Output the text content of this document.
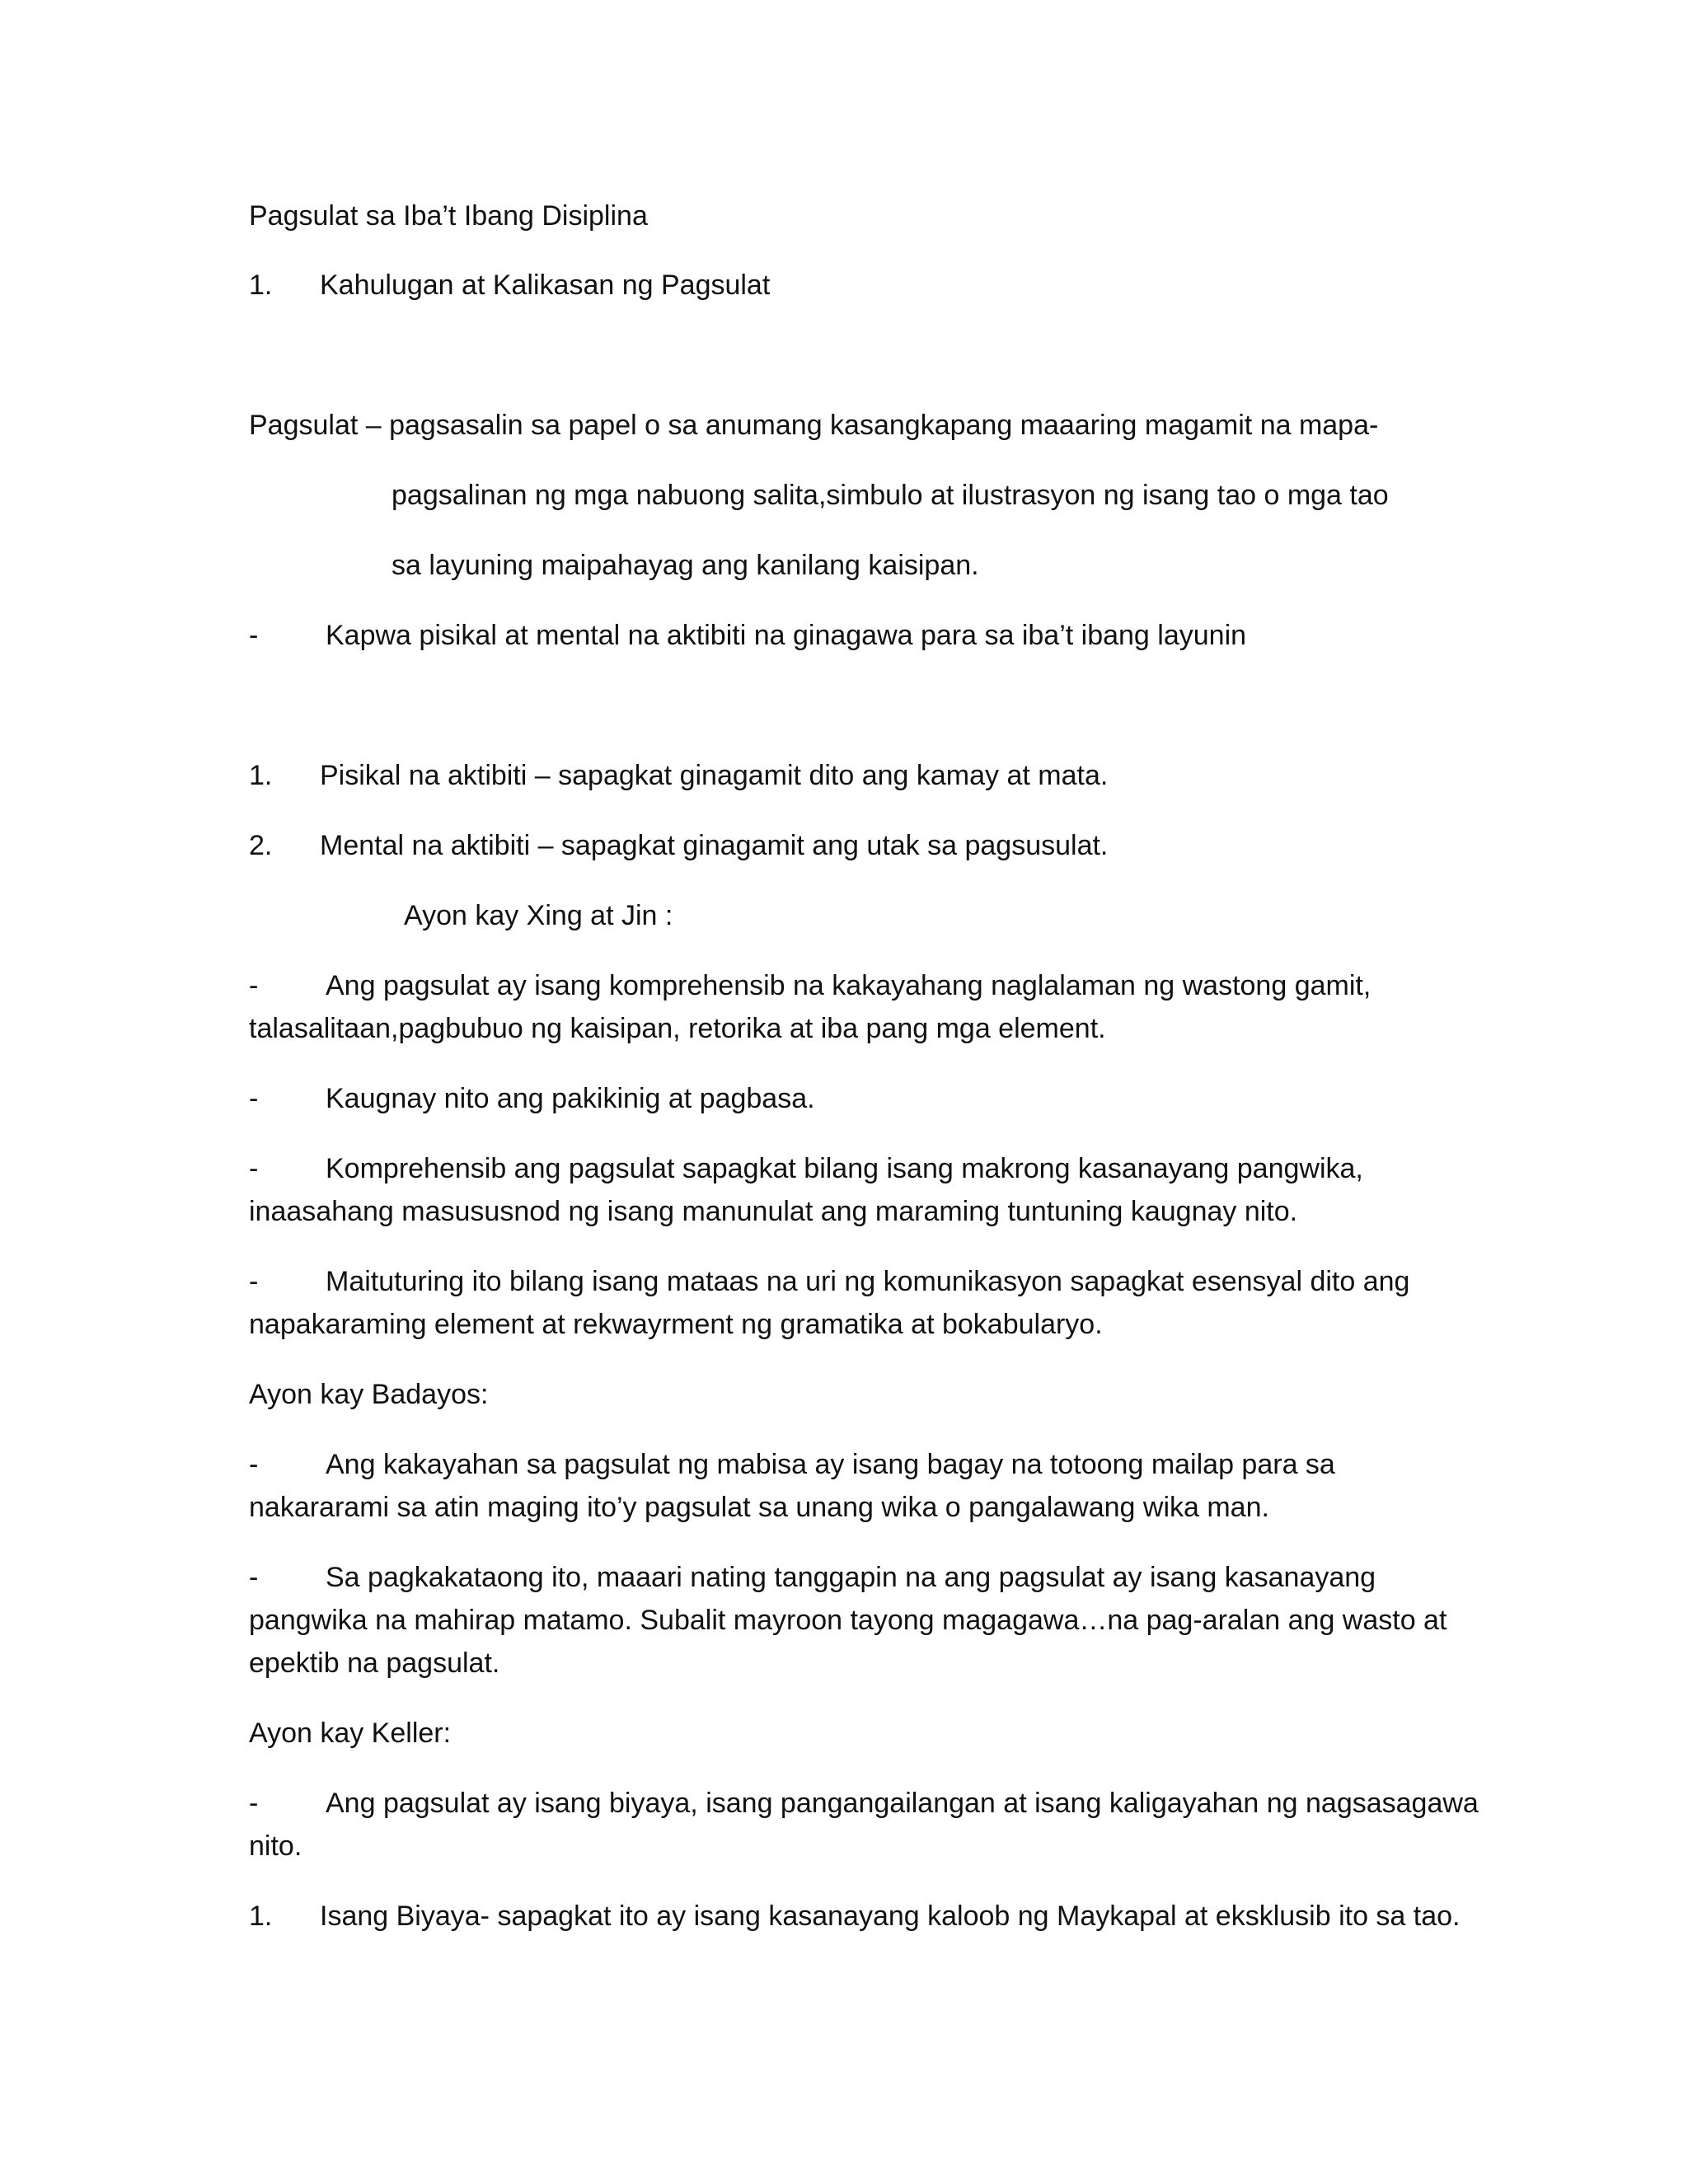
Pagsulat sa Iba’t Ibang Disiplina
1. Kahulugan at Kalikasan ng Pagsulat
Pagsulat – pagsasalin sa papel o sa anumang kasangkapang maaaring magamit na mapa-
pagsalinan ng mga nabuong salita,simbulo at ilustrasyon ng isang tao o mga tao
sa layuning maipahayag ang kanilang kaisipan.
- Kapwa pisikal at mental na aktibiti na ginagawa para sa iba’t ibang layunin
1. Pisikal na aktibiti – sapagkat ginagamit dito ang kamay at mata.
2. Mental na aktibiti – sapagkat ginagamit ang utak sa pagsusulat.
Ayon kay Xing at Jin :
- Ang pagsulat ay isang komprehensib na kakayahang naglalaman ng wastong gamit,
talasalitaan,pagbubuo ng kaisipan, retorika at iba pang mga element.
- Kaugnay nito ang pakikinig at pagbasa.
- Komprehensib ang pagsulat sapagkat bilang isang makrong kasanayang pangwika,
inaasahang masususnod ng isang manunulat ang maraming tuntuning kaugnay nito.
- Maituturing ito bilang isang mataas na uri ng komunikasyon sapagkat esensyal dito ang
napakaraming element at rekwayrment ng gramatika at bokabularyo.
Ayon kay Badayos:
- Ang kakayahan sa pagsulat ng mabisa ay isang bagay na totoong mailap para sa
nakararami sa atin maging ito’y pagsulat sa unang wika o pangalawang wika man.
- Sa pagkakataong ito, maaari nating tanggapin na ang pagsulat ay isang kasanayang
pangwika na mahirap matamo. Subalit mayroon tayong magagawa…na pag-aralan ang wasto at
epektib na pagsulat.
Ayon kay Keller:
- Ang pagsulat ay isang biyaya, isang pangangailangan at isang kaligayahan ng nagsasagawa
nito.
1. Isang Biyaya- sapagkat ito ay isang kasanayang kaloob ng Maykapal at eksklusib ito sa tao.
